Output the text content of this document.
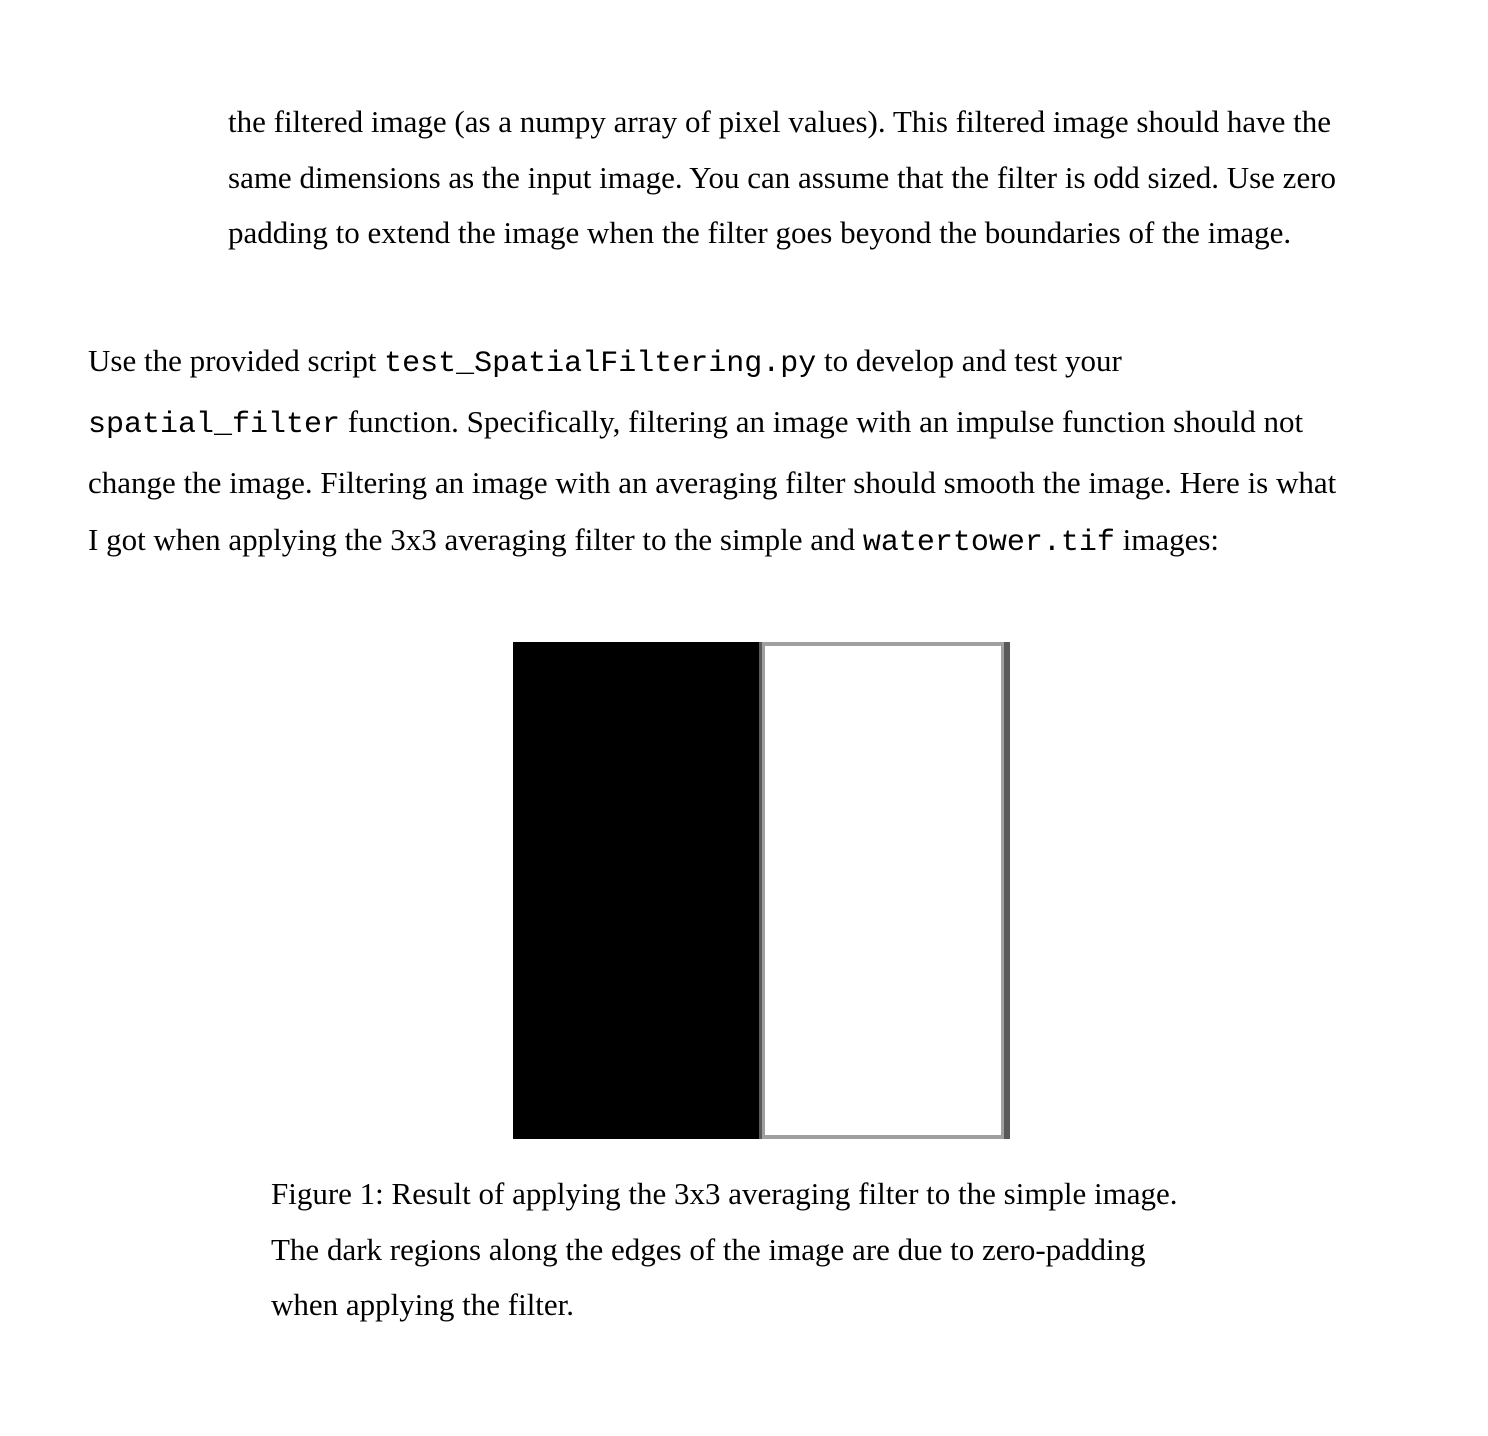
the filtered image (as a numpy array of pixel values). This filtered image should have the same dimensions as the input image. You can assume that the filter is odd sized. Use zero padding to extend the image when the filter goes beyond the boundaries of the image.

Use the provided script test_SpatialFiltering.py to develop and test your spatial_filter function. Specifically, filtering an image with an impulse function should not change the image. Filtering an image with an averaging filter should smooth the image. Here is what I got when applying the 3x3 averaging filter to the simple and watertower.tif images:

Figure 1: Result of applying the 3x3 averaging filter to the simple image. The dark regions along the edges of the image are due to zero-padding when applying the filter.
